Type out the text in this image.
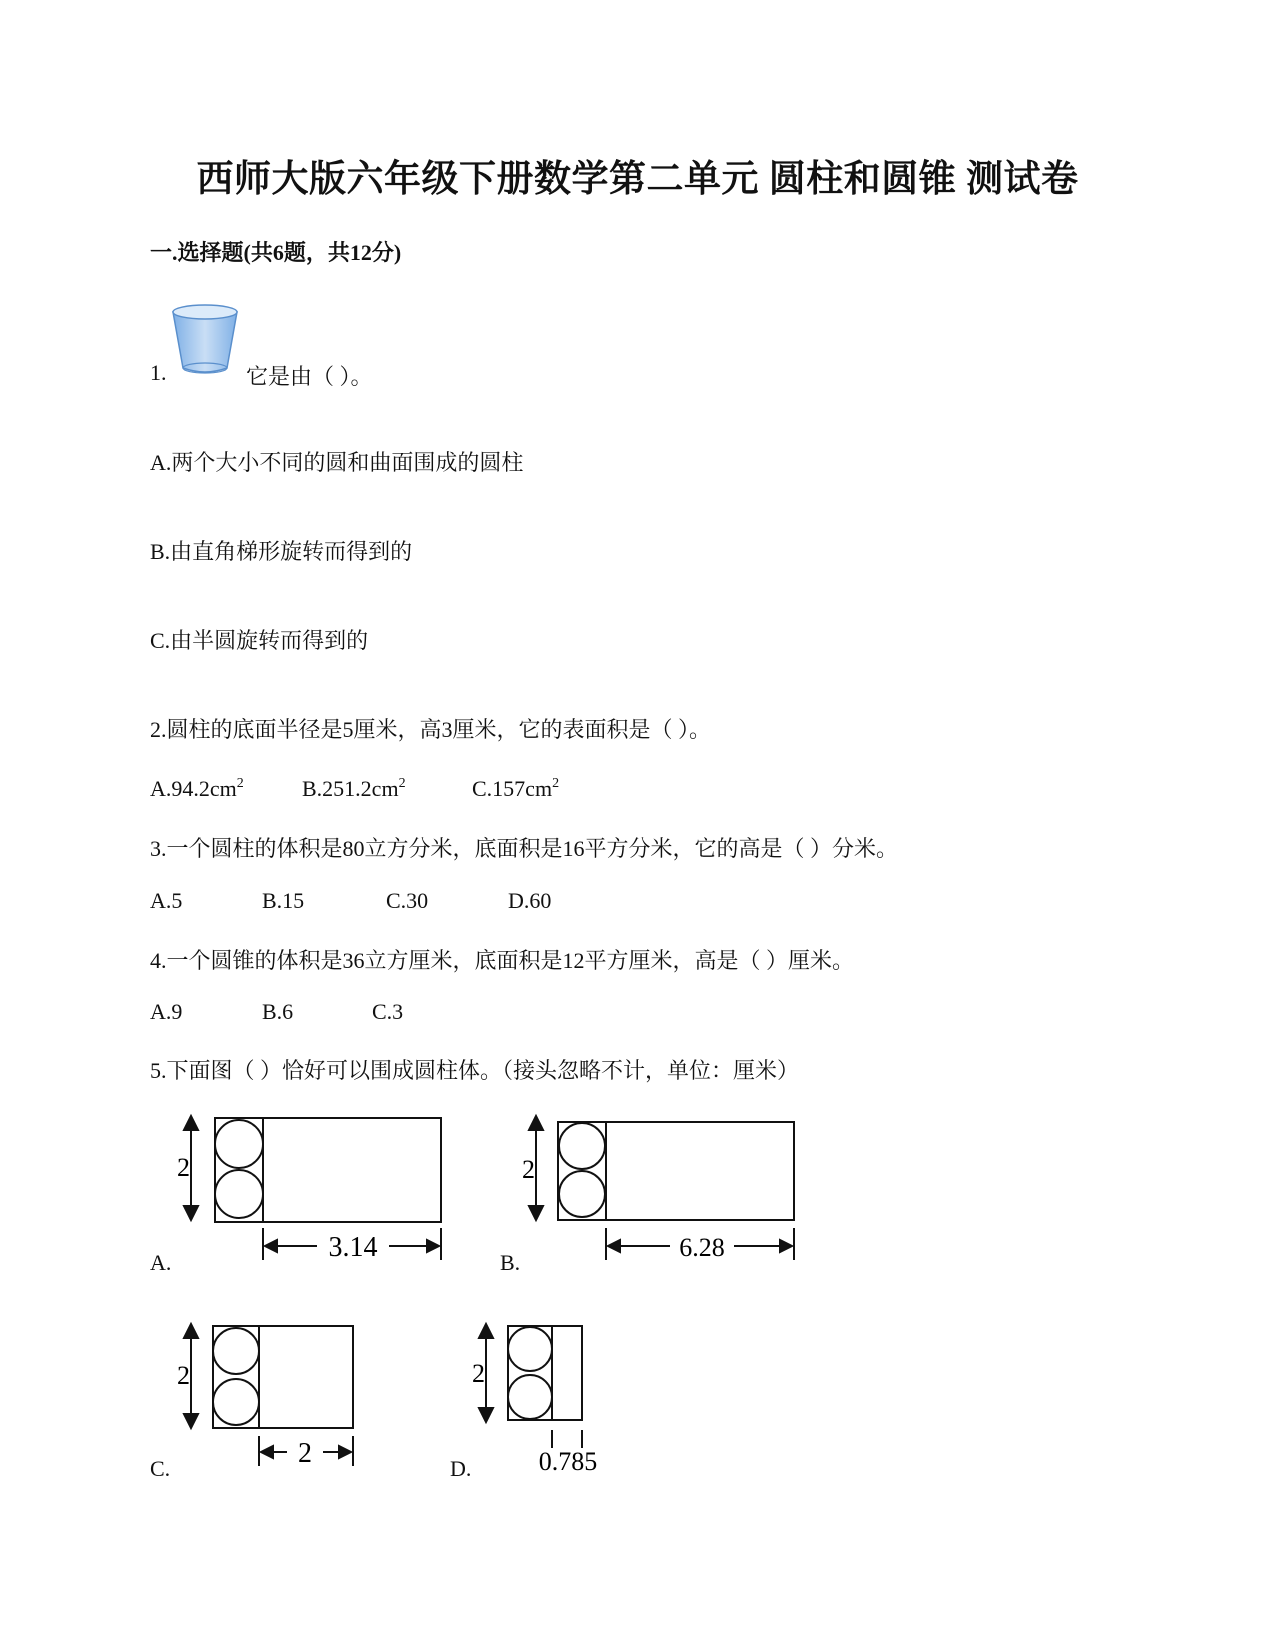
西师大版六年级下册数学第二单元 圆柱和圆锥 测试卷
一.选择题(共6题，共12分)
1.	它是由（ ）。
A.两个大小不同的圆和曲面围成的圆柱
B.由直角梯形旋转而得到的
C.由半圆旋转而得到的
2.圆柱的底面半径是5厘米，高3厘米，它的表面积是（ ）。
$A.94.2cm^2$	$B.251.2cm^2$	$C.157cm^2$
3.一个圆柱的体积是80立方分米，底面积是16平方分米，它的高是（ ）分米。
A.5	B.15	C.30	D.60
4.一个圆锥的体积是36立方厘米，底面积是12平方厘米，高是（ ）厘米。
A.9	B.6	C.3
5.下面图（ ）恰好可以围成圆柱体。（接头忽略不计，单位：厘米）
A.
2
3.14	B.
2
6.28
C.
2
2	D.
2
0.785
